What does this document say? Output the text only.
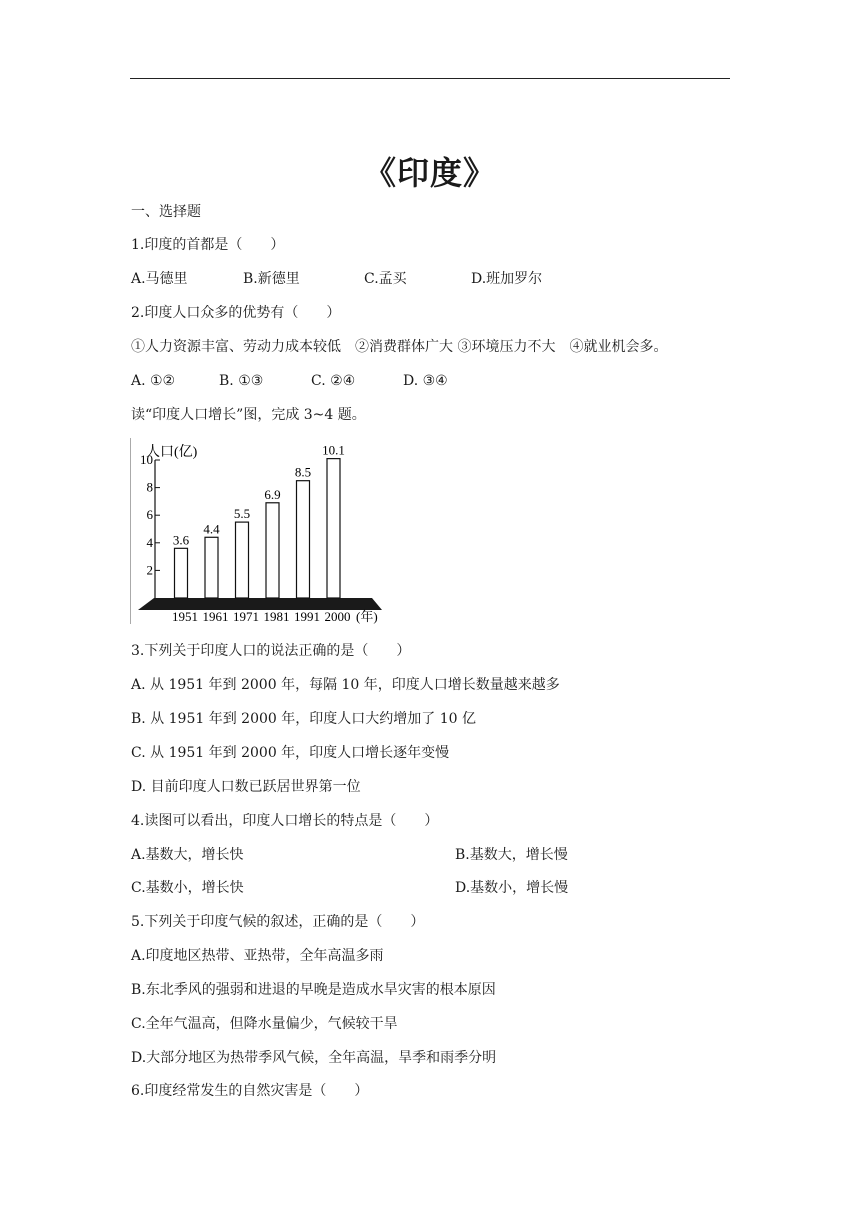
《印度》
一、选择题
1.印度的首都是（　　）
A.马德里	B.新德里	C.孟买	D.班加罗尔
2.印度人口众多的优势有（　　）
①人力资源丰富、劳动力成本较低　②消费群体广大 ③环境压力不大　④就业机会多。
A. ①②	B. ①③	C. ②④	D. ③④
读“印度人口增长”图，完成 3~4 题。
人口(亿)
(年)
2
4
6
8
10
3.6
1951
4.4
1961
5.5
1971
6.9
1981
8.5
1991
10.1
2000
3.下列关于印度人口的说法正确的是（　　）
A. 从 1951 年到 2000 年，每隔 10 年，印度人口增长数量越来越多
B. 从 1951 年到 2000 年，印度人口大约增加了 10 亿
C. 从 1951 年到 2000 年，印度人口增长逐年变慢
D. 目前印度人口数已跃居世界第一位
4.读图可以看出，印度人口增长的特点是（　　）
A.基数大，增长快	B.基数大，增长慢
C.基数小，增长快	D.基数小，增长慢
5.下列关于印度气候的叙述，正确的是（　　）
A.印度地区热带、亚热带，全年高温多雨
B.东北季风的强弱和进退的早晚是造成水旱灾害的根本原因
C.全年气温高，但降水量偏少，气候较干旱
D.大部分地区为热带季风气候，全年高温，旱季和雨季分明
6.印度经常发生的自然灾害是（　　）
